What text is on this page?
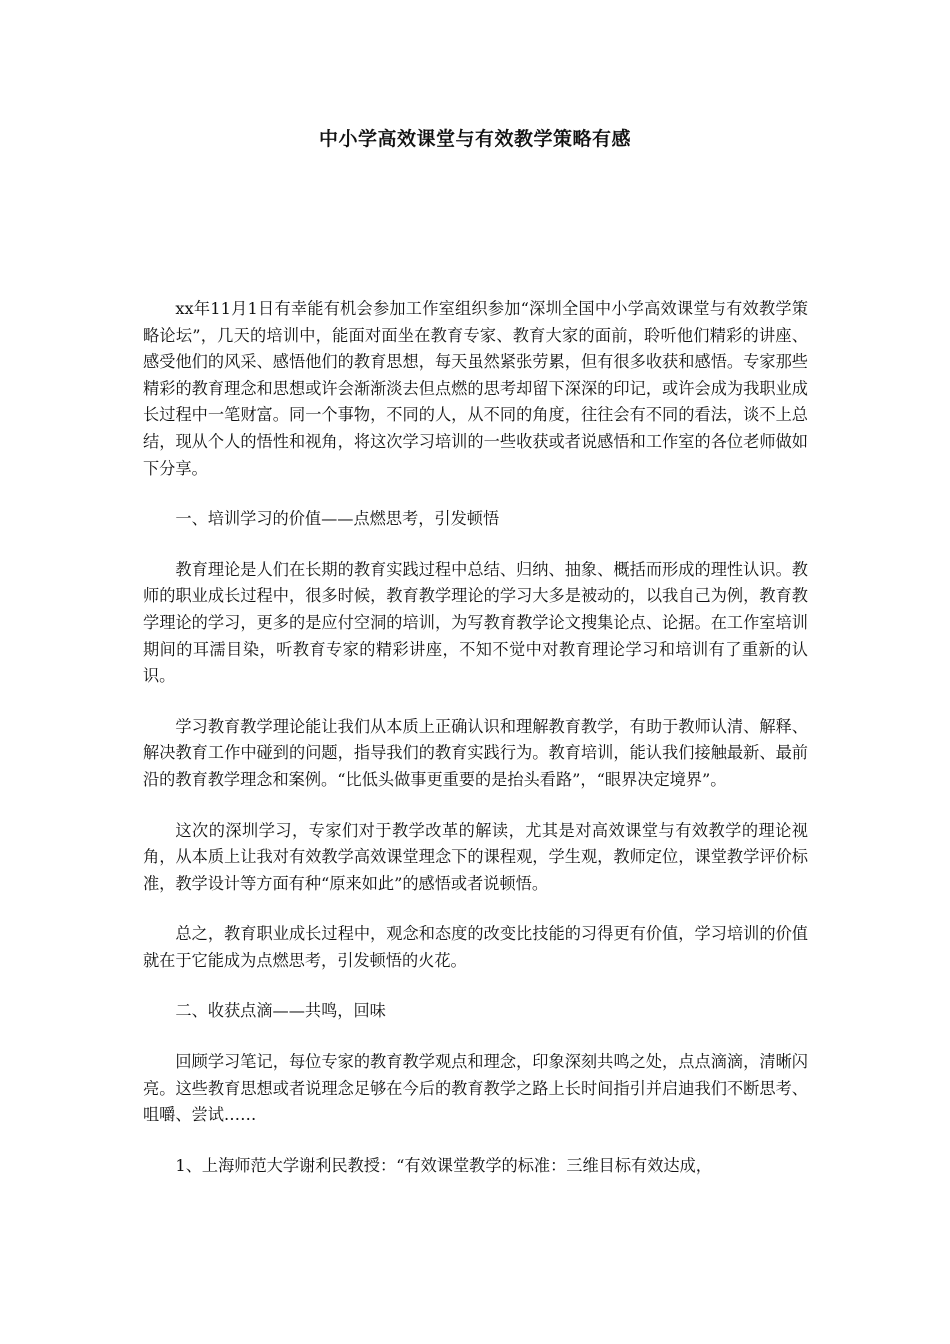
中小学高效课堂与有效教学策略有感

xx年11月1日有幸能有机会参加工作室组织参加“深圳全国中小学高效课堂与有效教学策略论坛”，几天的培训中，能面对面坐在教育专家、教育大家的面前，聆听他们精彩的讲座、感受他们的风采、感悟他们的教育思想，每天虽然紧张劳累，但有很多收获和感悟。专家那些精彩的教育理念和思想或许会渐渐淡去但点燃的思考却留下深深的印记，或许会成为我职业成长过程中一笔财富。同一个事物，不同的人，从不同的角度，往往会有不同的看法，谈不上总结，现从个人的悟性和视角，将这次学习培训的一些收获或者说感悟和工作室的各位老师做如下分享。

一、培训学习的价值——点燃思考，引发顿悟

教育理论是人们在长期的教育实践过程中总结、归纳、抽象、概括而形成的理性认识。教师的职业成长过程中，很多时候，教育教学理论的学习大多是被动的，以我自己为例，教育教学理论的学习，更多的是应付空洞的培训，为写教育教学论文搜集论点、论据。在工作室培训期间的耳濡目染，听教育专家的精彩讲座，不知不觉中对教育理论学习和培训有了重新的认识。

学习教育教学理论能让我们从本质上正确认识和理解教育教学，有助于教师认清、解释、解决教育工作中碰到的问题，指导我们的教育实践行为。教育培训，能认我们接触最新、最前沿的教育教学理念和案例。“比低头做事更重要的是抬头看路”，“眼界决定境界”。

这次的深圳学习，专家们对于教学改革的解读，尤其是对高效课堂与有效教学的理论视角，从本质上让我对有效教学高效课堂理念下的课程观，学生观，教师定位，课堂教学评价标准，教学设计等方面有种“原来如此”的感悟或者说顿悟。

总之，教育职业成长过程中，观念和态度的改变比技能的习得更有价值，学习培训的价值就在于它能成为点燃思考，引发顿悟的火花。

二、收获点滴——共鸣，回味

回顾学习笔记，每位专家的教育教学观点和理念，印象深刻共鸣之处，点点滴滴，清晰闪亮。这些教育思想或者说理念足够在今后的教育教学之路上长时间指引并启迪我们不断思考、咀嚼、尝试……

1、上海师范大学谢利民教授：“有效课堂教学的标准：三维目标有效达成，
